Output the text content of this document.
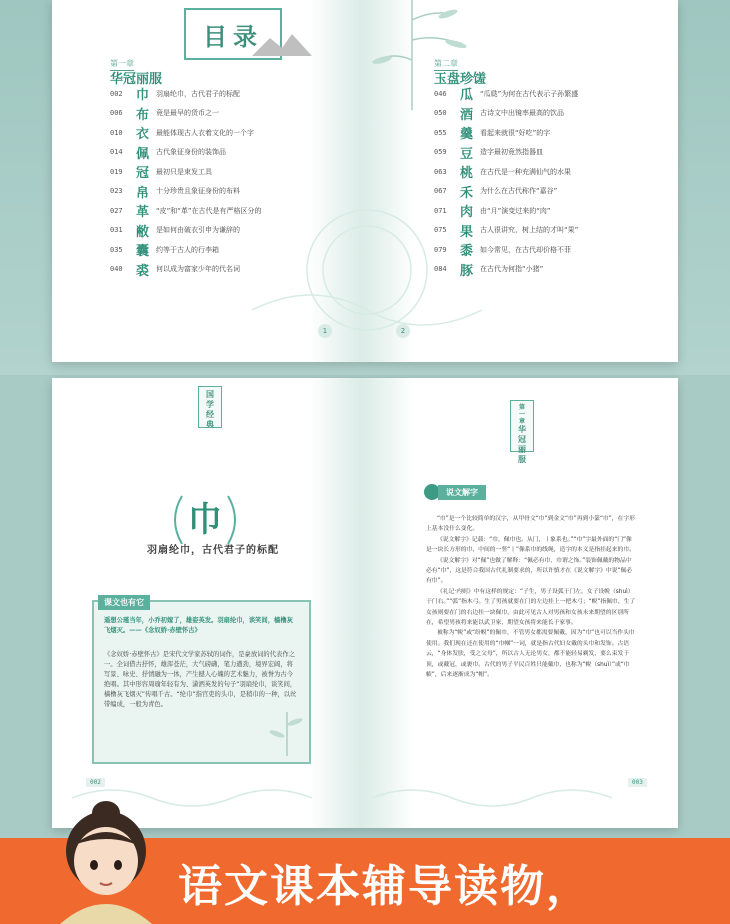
目录
第一章
华冠丽服
002	巾 羽扇纶巾，古代君子的标配
006	布 竟是最早的货币之一
010	衣 最能体现古人衣着文化的一个字
014	佩 古代象征身份的装饰品
019	冠 最初只是束发工具
023	帛 十分珍贵且象征身份的布料
027	革 “皮”和“革”在古代是有严格区分的
031	敝 是如何由破衣引申为谦辞的
035	囊 约等于古人的行李箱
040	裘 何以成为富家少年的代名词
第二章
玉盘珍馐
046	瓜 “瓜瓞”为何在古代表示子孙繁盛
050	酒 古诗文中出镜率最高的饮品
055	羹 看起来就很“好吃”的字
059	豆 造字最初竟然指器皿
063	桃 在古代是一种充满仙气的水果
067	禾 为什么在古代称作“嘉谷”
071	肉 由“月”演变过来的“肉”
075	果 古人很讲究，树上结的才叫“果”
079	黍 如今常见，在古代却价格不菲
084	豚 在古代为何指“小猪”
1	2
国学经典
第一章
华冠丽服
巾
羽扇纶巾，古代君子的标配
课文也有它
遥想公瑾当年，小乔初嫁了，雄姿英发。羽扇纶巾，谈笑间，樯橹灰飞烟灭。——《念奴娇·赤壁怀古》
《念奴娇·赤壁怀古》是宋代文学家苏轼的词作，是豪放词的代表作之一。全词借古抒怀，雄浑苍茫，大气磅礴，笔力遒劲，境界宏阔，将写景、咏史、抒情融为一体，产生撼人心魄的艺术魅力，被誉为古今绝唱。其中形容周瑜年轻有为、潇洒英发的句子“羽扇纶巾，谈笑间，樯橹灰飞烟灭”传唱千古。“纶巾”指官吏的头巾，是稍巾的一种，以丝带编成，一般为青色。
说文解字

“巾”是一个比较简单的汉字，从甲骨文“巾”到金文“巾”再到小篆“巾”，在字形上基本没什么变化。

《说文解字》记载：“巾，佩巾也。从冂，丨象系也。”“巾”字最外面的“冂”像是一块长方形的巾，中间的一竖“丨”像系巾的线绳，造字的本义是指挂起来的巾。

《说文解字》对“佩”也做了解释：“佩必有巾，巾谓之饰。”装饰佩戴的物品中必有“巾”，这是符合我国古代礼制要求的，所以许慎才在《说文解字》中说“佩必有巾”。

《礼记·内则》中有这样的规定：“子生，男子设弧于门左，女子设帨（shuì）于门右。”“弧”指木弓。生了男孩就要在门的左边挂上一把木弓；“帨”指佩巾，生了女孩则要在门的右边挂一块佩巾，由此可见古人对男孩和女孩未来期望的区别所在，希望男孩将来能以武卫家，期望女孩将来能长于家事。

被称为“帨”或“纷帨”的佩巾，不管男女都需要佩戴，因为“巾”也可以当作头巾使用。我们现在还在使用的“巾帼”一词，就是指古代妇女戴的头巾和发饰。古语云，“身体发肤，受之父母”，所以古人无论男女，都不能轻易剃发，要么束发于顶，或戴冠，或裹巾。古代的男子平民百姓只能戴巾，也称为“帨（shuì）”或“巾帻”，后来逐渐成为“帽”。

002	003
语文课本辅导读物，
